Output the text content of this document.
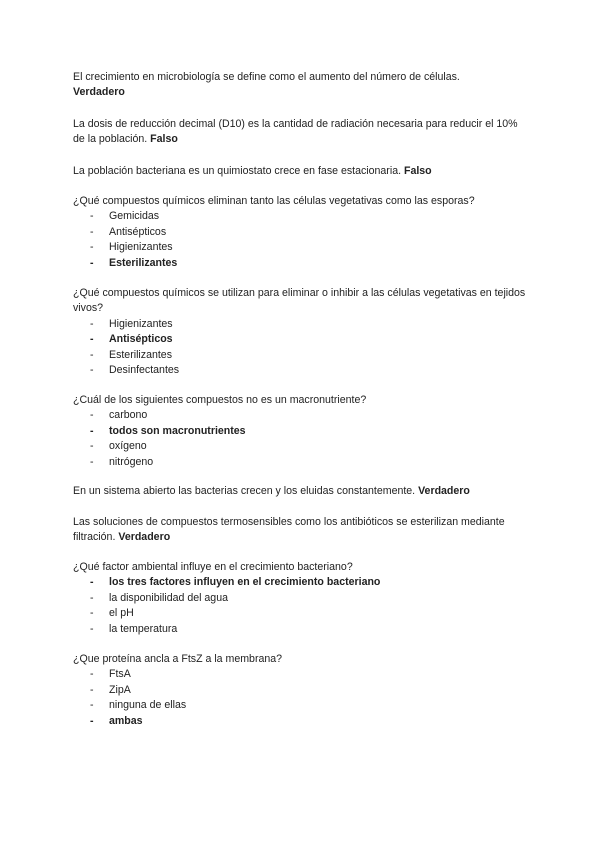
El crecimiento en microbiología se define como el aumento del número de células.
Verdadero

La dosis de reducción decimal (D10) es la cantidad de radiación necesaria para reducir el 10% de la población. Falso

La población bacteriana es un quimiostato crece en fase estacionaria. Falso

¿Qué compuestos químicos eliminan tanto las células vegetativas como las esporas?

- Gemicidas
- Antisépticos
- Higienizantes
- Esterilizantes

¿Qué compuestos químicos se utilizan para eliminar o inhibir a las células vegetativas en tejidos vivos?

- Higienizantes
- Antisépticos
- Esterilizantes
- Desinfectantes

¿Cuál de los siguientes compuestos no es un macronutriente?

- carbono
- todos son macronutrientes
- oxígeno
- nitrógeno

En un sistema abierto las bacterias crecen y los eluidas constantemente. Verdadero

Las soluciones de compuestos termosensibles como los antibióticos se esterilizan mediante filtración. Verdadero

¿Qué factor ambiental influye en el crecimiento bacteriano?

- los tres factores influyen en el crecimiento bacteriano
- la disponibilidad del agua
- el pH
- la temperatura

¿Que proteína ancla a FtsZ a la membrana?

- FtsA
- ZipA
- ninguna de ellas
- ambas
